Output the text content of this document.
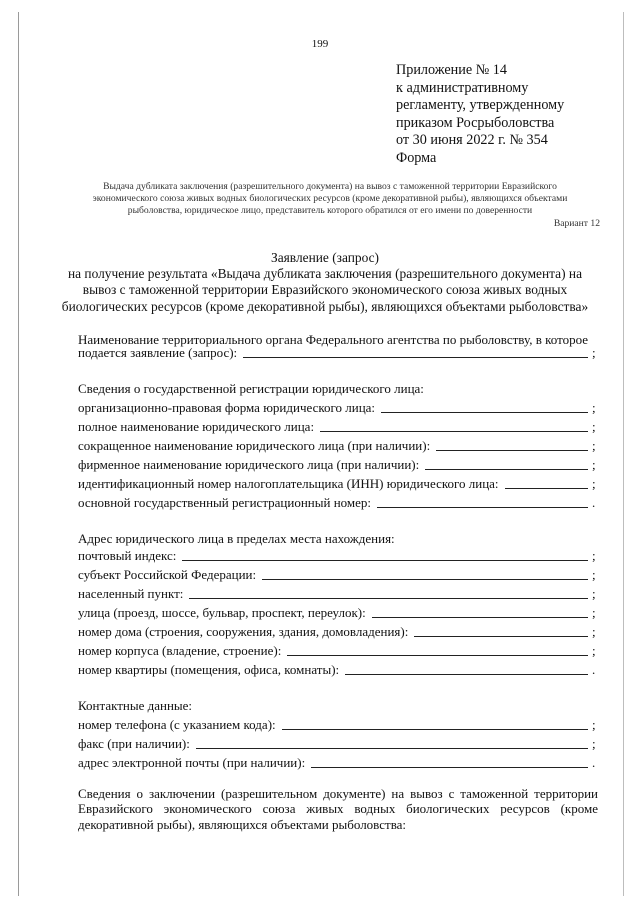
199
Приложение № 14
к административному
регламенту, утвержденному
приказом Росрыболовства
от 30 июня 2022 г. № 354
Форма
Выдача дубликата заключения (разрешительного документа) на вывоз с таможенной территории Евразийского экономического союза живых водных биологических ресурсов (кроме декоративной рыбы), являющихся объектами рыболовства, юридическое лицо, представитель которого обратился от его имени по доверенности
Вариант 12
Заявление (запрос)
на получение результата «Выдача дубликата заключения (разрешительного документа) на вывоз с таможенной территории Евразийского экономического союза живых водных биологических ресурсов (кроме декоративной рыбы), являющихся объектами рыболовства»
Наименование территориального органа Федерального агентства по рыболовству, в которое
подается заявление (запрос):	;
Сведения о государственной регистрации юридического лица:
организационно-правовая форма юридического лица:	;
полное наименование юридического лица:	;
сокращенное наименование юридического лица (при наличии):	;
фирменное наименование юридического лица (при наличии):	;
идентификационный номер налогоплательщика (ИНН) юридического лица:	;
основной государственный регистрационный номер:	.
Адрес юридического лица в пределах места нахождения:
почтовый индекс:	;
субъект Российской Федерации:	;
населенный пункт:	;
улица (проезд, шоссе, бульвар, проспект, переулок):	;
номер дома (строения, сооружения, здания, домовладения):	;
номер корпуса (владение, строение):	;
номер квартиры (помещения, офиса, комнаты):	.
Контактные данные:
номер телефона (с указанием кода):	;
факс (при наличии):	;
адрес электронной почты (при наличии):	.
Сведения о заключении (разрешительном документе) на вывоз с таможенной территории Евразийского экономического союза живых водных биологических ресурсов (кроме декоративной рыбы), являющихся объектами рыболовства:
